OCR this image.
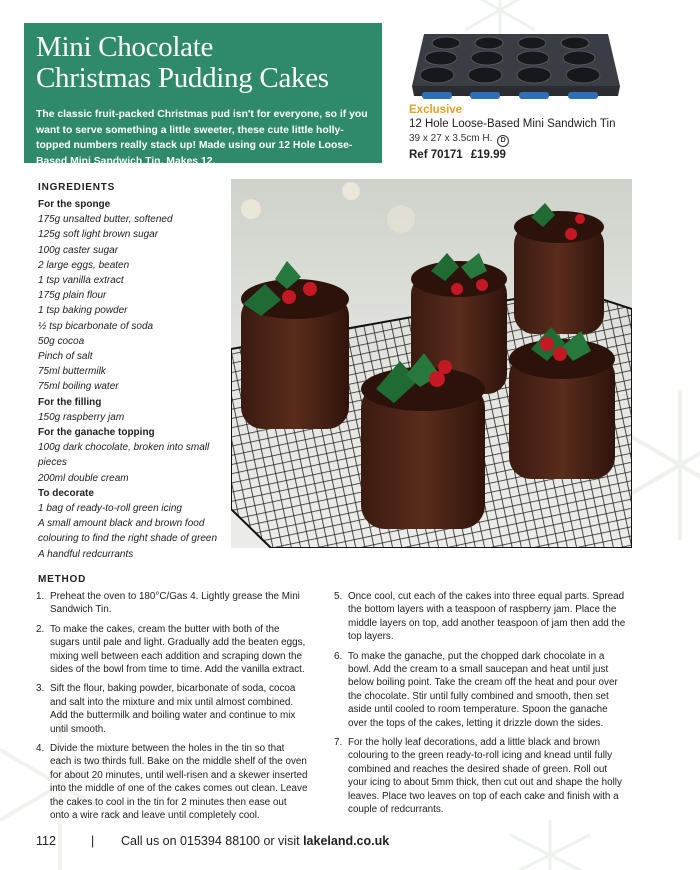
Mini Chocolate
Christmas Pudding Cakes

The classic fruit-packed Christmas pud isn't for everyone, so if you want to serve something a little sweeter, these cute little holly-topped numbers really stack up! Made using our 12 Hole Loose-Based Mini Sandwich Tin. Makes 12.

Exclusive
12 Hole Loose-Based Mini Sandwich Tin
39 x 27 x 3.5cm H. D
Ref 70171 £19.99
INGREDIENTS
For the sponge
175g unsalted butter, softened
125g soft light brown sugar
100g caster sugar
2 large eggs, beaten
1 tsp vanilla extract
175g plain flour
1 tsp baking powder
½ tsp bicarbonate of soda
50g cocoa
Pinch of salt
75ml buttermilk
75ml boiling water
For the filling
150g raspberry jam
For the ganache topping
100g dark chocolate, broken into small pieces
200ml double cream
To decorate
1 bag of ready-to-roll green icing
A small amount black and brown food colouring to find the right shade of green
A handful redcurrants
METHOD
1. Preheat the oven to 180°C/Gas 4. Lightly grease the Mini Sandwich Tin.
2. To make the cakes, cream the butter with both of the sugars until pale and light. Gradually add the beaten eggs, mixing well between each addition and scraping down the sides of the bowl from time to time. Add the vanilla extract.
3. Sift the flour, baking powder, bicarbonate of soda, cocoa and salt into the mixture and mix until almost combined. Add the buttermilk and boiling water and continue to mix until smooth.
4. Divide the mixture between the holes in the tin so that each is two thirds full. Bake on the middle shelf of the oven for about 20 minutes, until well-risen and a skewer inserted into the middle of one of the cakes comes out clean. Leave the cakes to cool in the tin for 2 minutes then ease out onto a wire rack and leave until completely cool.
5. Once cool, cut each of the cakes into three equal parts. Spread the bottom layers with a teaspoon of raspberry jam. Place the middle layers on top, add another teaspoon of jam then add the top layers.
6. To make the ganache, put the chopped dark chocolate in a bowl. Add the cream to a small saucepan and heat until just below boiling point. Take the cream off the heat and pour over the chocolate. Stir until fully combined and smooth, then set aside until cooled to room temperature. Spoon the ganache over the tops of the cakes, letting it drizzle down the sides.
7. For the holly leaf decorations, add a little black and brown colouring to the green ready-to-roll icing and knead until fully combined and reaches the desired shade of green. Roll out your icing to about 5mm thick, then cut out and shape the holly leaves. Place two leaves on top of each cake and finish with a couple of redcurrants.
112	| Call us on 015394 88100 or visit lakeland.co.uk
